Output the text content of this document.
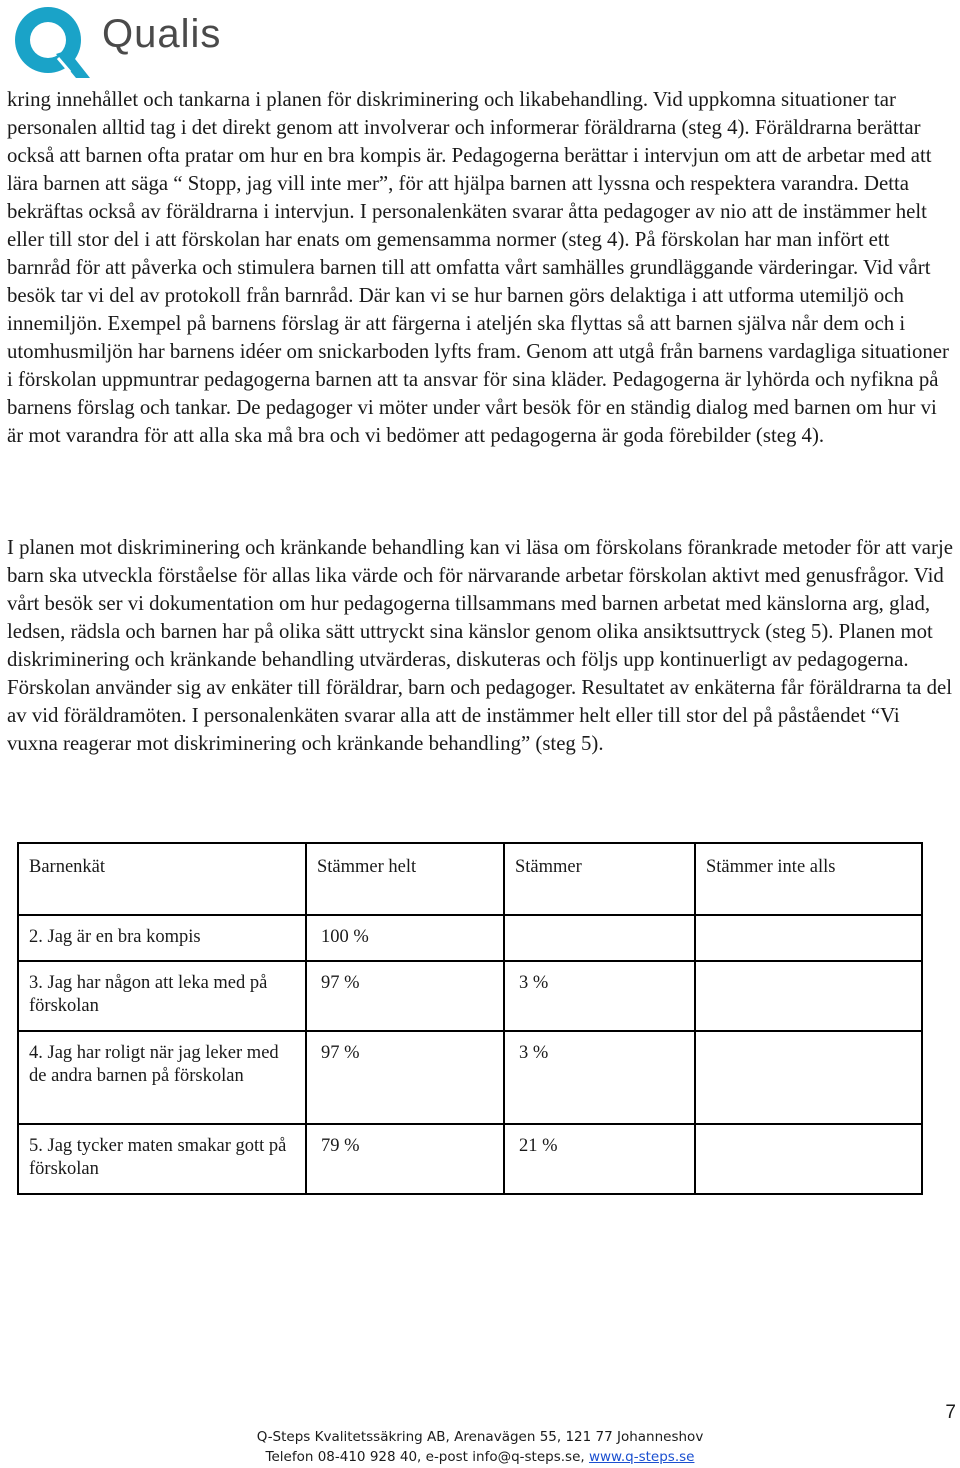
Qualis

kring innehållet och tankarna i planen för diskriminering och likabehandling. Vid uppkomna situationer tar personalen alltid tag i det direkt genom att involverar och informerar föräldrarna (steg 4). Föräldrarna berättar också att barnen ofta pratar om hur en bra kompis är. Pedagogerna berättar i intervjun om att de arbetar med att lära barnen att säga “ Stopp, jag vill inte mer”, för att hjälpa barnen att lyssna och respektera varandra. Detta bekräftas också av föräldrarna i intervjun. I personalenkäten svarar åtta pedagoger av nio att de instämmer helt eller till stor del i att förskolan har enats om gemensamma normer (steg 4). På förskolan har man infört ett barnråd för att påverka och stimulera barnen till att omfatta vårt samhälles grundläggande värderingar. Vid vårt besök tar vi del av protokoll från barnråd. Där kan vi se hur barnen görs delaktiga i att utforma utemiljö och innemiljön. Exempel på barnens förslag är att färgerna i ateljén ska flyttas så att barnen själva når dem och i utomhusmiljön har barnens idéer om snickarboden lyfts fram. Genom att utgå från barnens vardagliga situationer i förskolan uppmuntrar pedagogerna barnen att ta ansvar för sina kläder. Pedagogerna är lyhörda och nyfikna på barnens förslag och tankar. De pedagoger vi möter under vårt besök för en ständig dialog med barnen om hur vi är mot varandra för att alla ska må bra och vi bedömer att pedagogerna är goda förebilder (steg 4).

I planen mot diskriminering och kränkande behandling kan vi läsa om förskolans förankrade metoder för att varje barn ska utveckla förståelse för allas lika värde och för närvarande arbetar förskolan aktivt med genusfrågor. Vid vårt besök ser vi dokumentation om hur pedagogerna tillsammans med barnen arbetat med känslorna arg, glad, ledsen, rädsla och barnen har på olika sätt uttryckt sina känslor genom olika ansiktsuttryck (steg 5). Planen mot diskriminering och kränkande behandling utvärderas, diskuteras och följs upp kontinuerligt av pedagogerna. Förskolan använder sig av enkäter till föräldrar, barn och pedagoger. Resultatet av enkäterna får föräldrarna ta del av vid föräldramöten. I personalenkäten svarar alla att de instämmer helt eller till stor del på påståendet “Vi vuxna reagerar mot diskriminering och kränkande behandling” (steg 5).

Barnenkät	Stämmer helt	Stämmer	Stämmer inte alls
2. Jag är en bra kompis	100 %		
3. Jag har någon att leka med på förskolan	97 %	3 %	
4. Jag har roligt när jag leker med de andra barnen på förskolan	97 %	3 %	
5. Jag tycker maten smakar gott på förskolan	79 %	21 %	
7
Q-Steps Kvalitetssäkring AB, Arenavägen 55, 121 77 Johanneshov
Telefon 08-410 928 40, e-post info@q-steps.se, www.q-steps.se
